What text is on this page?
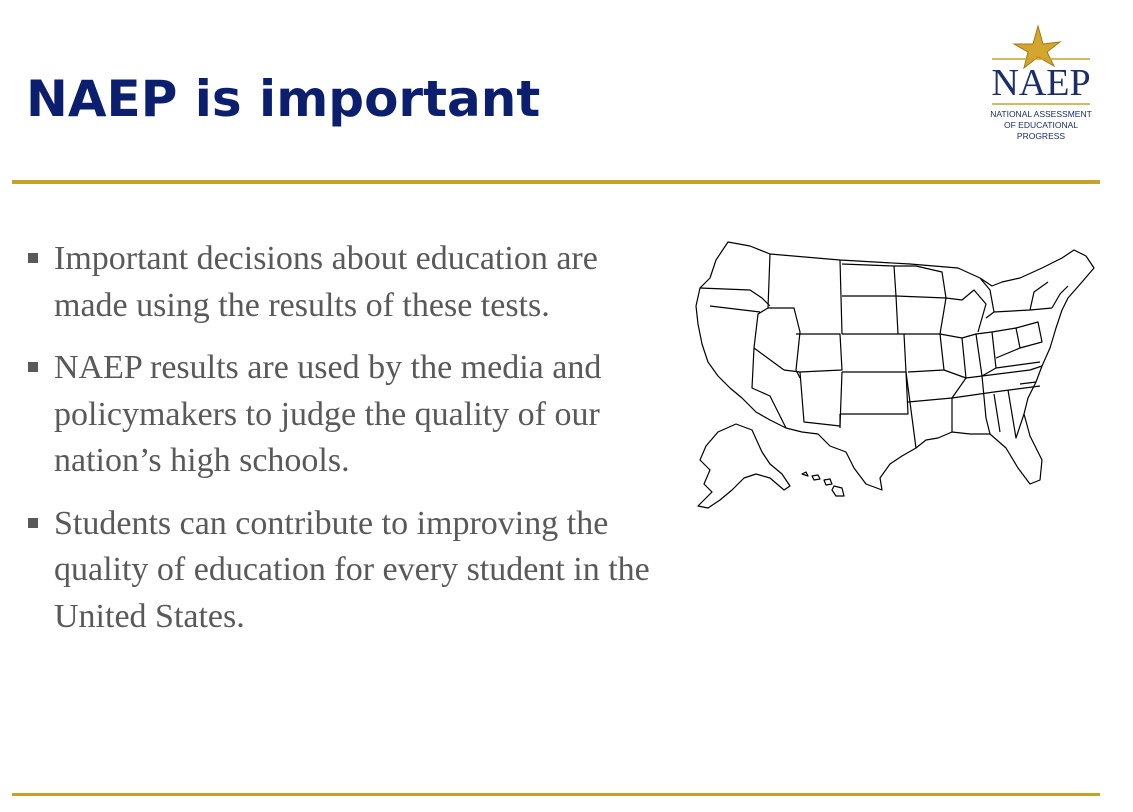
NAEP is important	NAEP
NATIONAL ASSESSMENT
OF EDUCATIONAL
PROGRESS
Important decisions about education are made using the results of these tests.
NAEP results are used by the media and policymakers to judge the quality of our nation’s high schools.
Students can contribute to improving the quality of education for every student in the United States.
